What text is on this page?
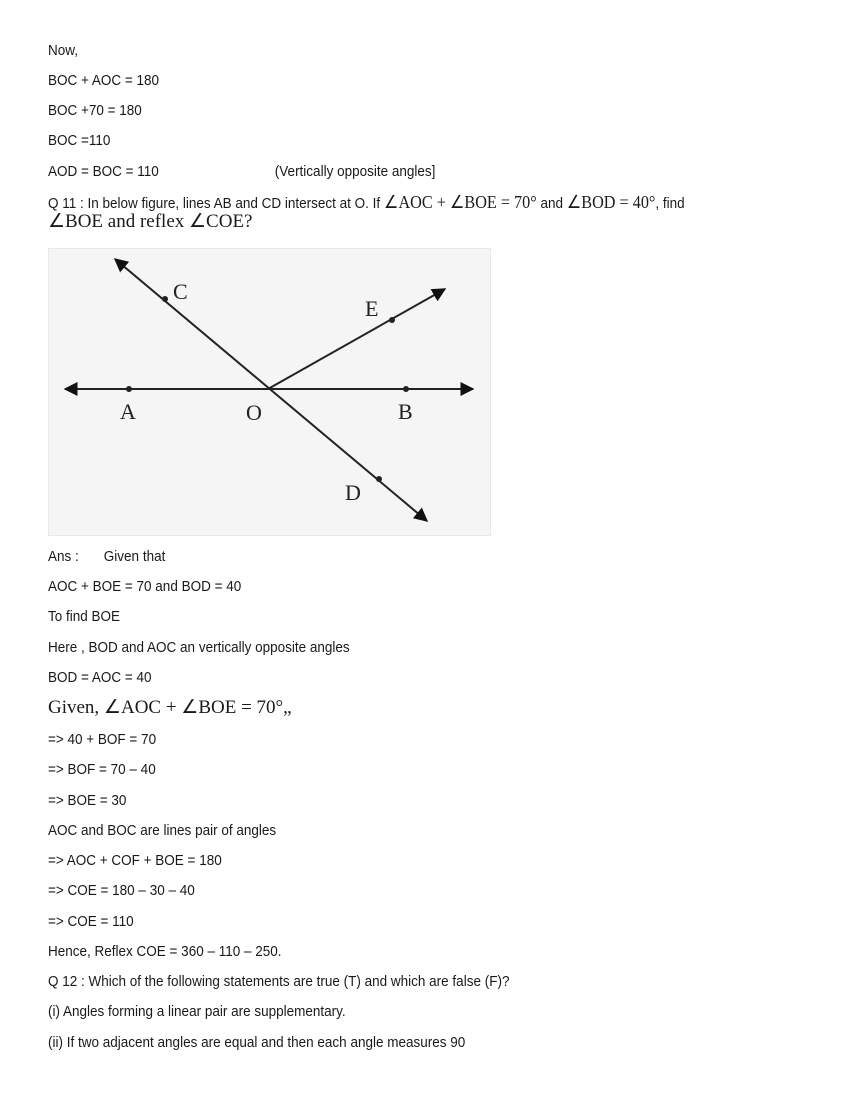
Now,
BOC + AOC = 180
BOC +70 = 180
BOC =110
AOD = BOC = 110	(Vertically opposite angles]
Q 11 : In below figure, lines AB and CD intersect at O. If ∠AOC + ∠BOE = 70° and ∠BOD = 40°, find
∠BOE and reflex ∠COE?
A	O	B
C
E
D
Ans : Given that
AOC + BOE = 70 and BOD = 40
To find BOE
Here , BOD and AOC an vertically opposite angles
BOD = AOC = 40
Given, ∠AOC + ∠BOE = 70°„
=> 40 + BOF = 70
=> BOF = 70 – 40
=> BOE = 30
AOC and BOC are lines pair of angles
=> AOC + COF + BOE = 180
=> COE = 180 – 30 – 40
=> COE = 110
Hence, Reflex COE = 360 – 110 – 250.
Q 12 : Which of the following statements are true (T) and which are false (F)?
(i) Angles forming a linear pair are supplementary.
(ii) If two adjacent angles are equal and then each angle measures 90
